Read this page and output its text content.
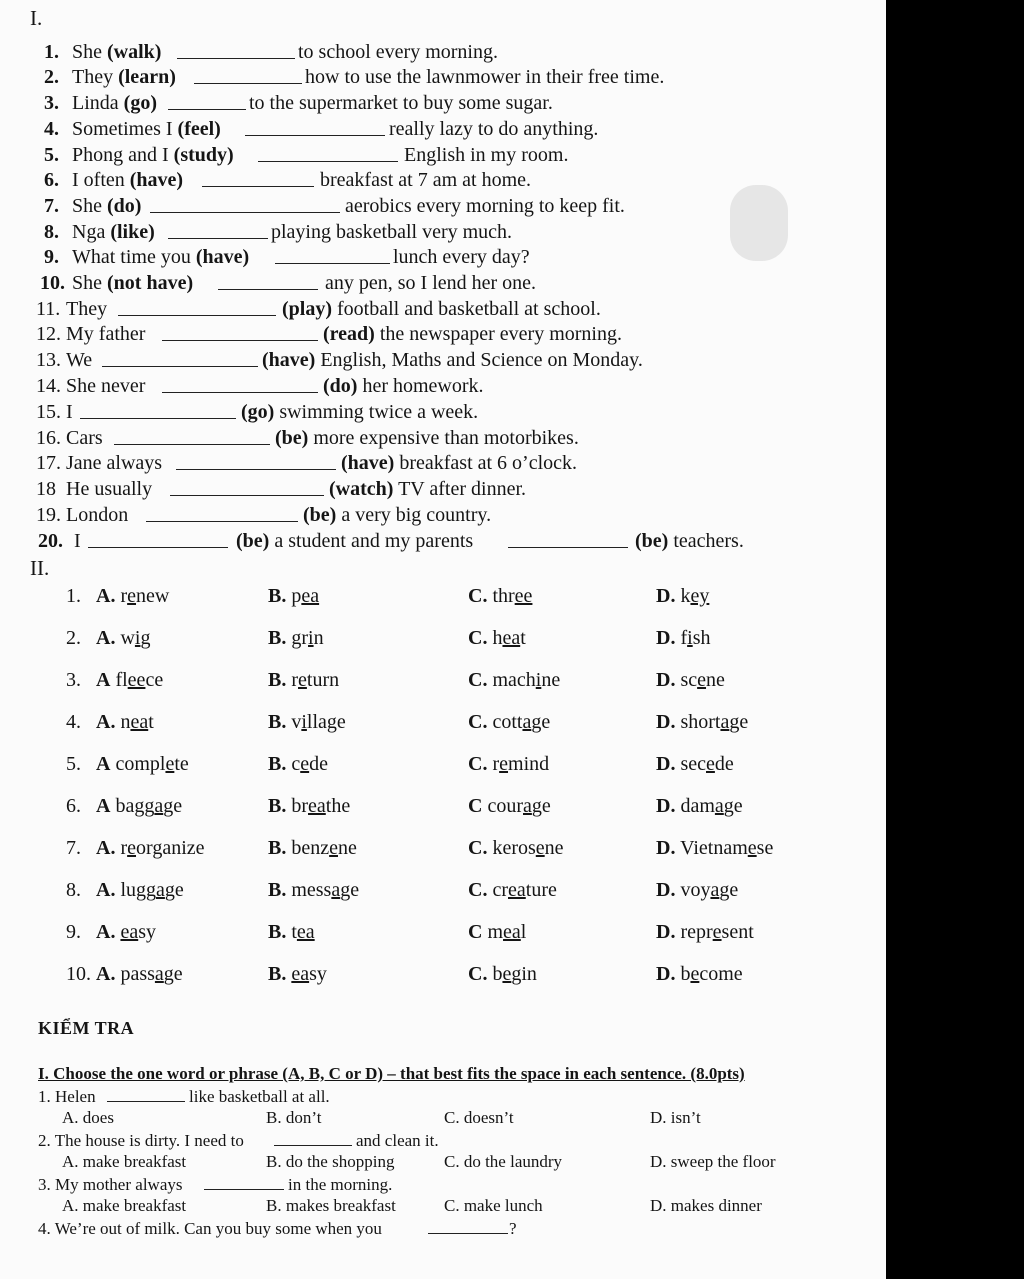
I.
1. She (walk)	to school every morning.
2. They (learn)	how to use the lawnmower in their free time.
3. Linda (go)	to the supermarket to buy some sugar.
4. Sometimes I (feel)	really lazy to do anything.
5. Phong and I (study)	English in my room.
6. I often (have)	breakfast at 7 am at home.
7. She (do)	aerobics every morning to keep fit.
8. Nga (like)	playing basketball very much.
9. What time you (have)	lunch every day?
10. She (not have)	any pen, so I lend her one.
11. They	(play) football and basketball at school.
12. My father	(read) the newspaper every morning.
13. We	(have) English, Maths and Science on Monday.
14. She never	(do) her homework.
15. I	(go) swimming twice a week.
16. Cars	(be) more expensive than motorbikes.
17. Jane always	(have) breakfast at 6 o’clock.
18 He usually	(watch) TV after dinner.
19. London	(be) a very big country.
20. I	(be) a student and my parents	(be) teachers.
II.
1. A. renew	B. pea	C. three	D. key
2. A. wig	B. grin	C. heat	D. fish
3. A fleece	B. return	C. machine	D. scene
4. A. neat	B. village	C. cottage	D. shortage
5. A complete	B. cede	C. remind	D. secede
6. A baggage	B. breathe	C courage	D. damage
7. A. reorganize	B. benzene	C. kerosene	D. Vietnamese
8. A. luggage	B. message	C. creature	D. voyage
9. A. easy	B. tea	C meal	D. represent
10. A. passage	B. easy	C. begin	D. become
KIỂM TRA
I. Choose the one word or phrase (A, B, C or D) – that best fits the space in each sentence. (8.0pts)
1. Helen	like basketball at all.
A. does	B. don’t	C. doesn’t	D. isn’t
2. The house is dirty. I need to	and clean it.
A. make breakfast	B. do the shopping	C. do the laundry	D. sweep the floor
3. My mother always	in the morning.
A. make breakfast	B. makes breakfast	C. make lunch	D. makes dinner
4. We’re out of milk. Can you buy some when you	?
